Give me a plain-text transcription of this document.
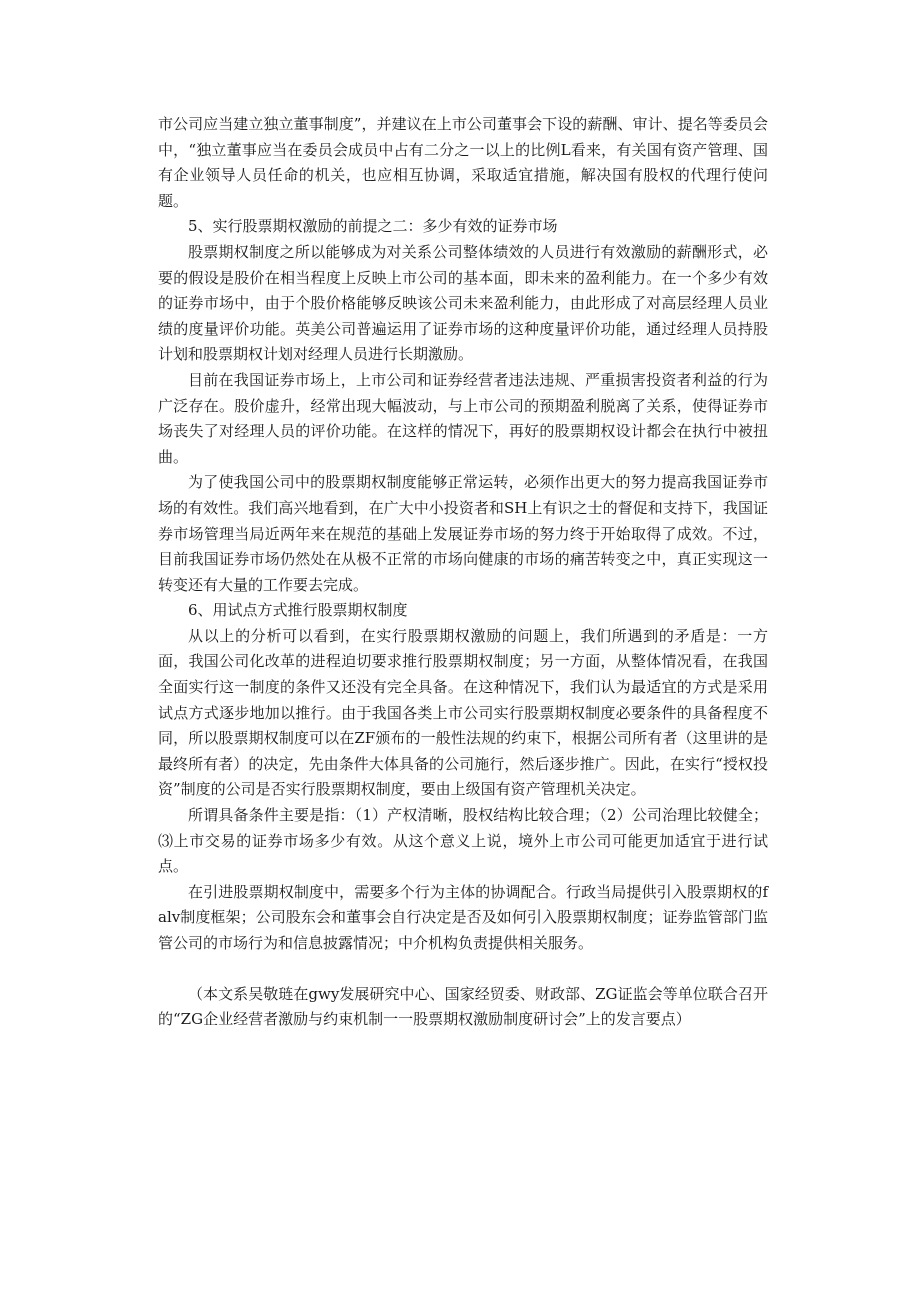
市公司应当建立独立董事制度”，并建议在上市公司董事会下设的薪酬、审计、提名等委员会中，“独立董事应当在委员会成员中占有二分之一以上的比例L看来，有关国有资产管理、国有企业领导人员任命的机关，也应相互协调，采取适宜措施，解决国有股权的代理行使问题。

5、实行股票期权激励的前提之二：多少有效的证券市场

股票期权制度之所以能够成为对关系公司整体绩效的人员进行有效激励的薪酬形式，必要的假设是股价在相当程度上反映上市公司的基本面，即未来的盈利能力。在一个多少有效的证券市场中，由于个股价格能够反映该公司未来盈利能力，由此形成了对高层经理人员业绩的度量评价功能。英美公司普遍运用了证券市场的这种度量评价功能，通过经理人员持股计划和股票期权计划对经理人员进行长期激励。

目前在我国证券市场上，上市公司和证券经营者违法违规、严重损害投资者利益的行为广泛存在。股价虚升，经常出现大幅波动，与上市公司的预期盈利脱离了关系，使得证券市场丧失了对经理人员的评价功能。在这样的情况下，再好的股票期权设计都会在执行中被扭曲。

为了使我国公司中的股票期权制度能够正常运转，必须作出更大的努力提高我国证券市场的有效性。我们高兴地看到，在广大中小投资者和SH上有识之士的督促和支持下，我国证券市场管理当局近两年来在规范的基础上发展证券市场的努力终于开始取得了成效。不过，目前我国证券市场仍然处在从极不正常的市场向健康的市场的痛苦转变之中，真正实现这一转变还有大量的工作要去完成。

6、用试点方式推行股票期权制度

从以上的分析可以看到，在实行股票期权激励的问题上，我们所遇到的矛盾是：一方面，我国公司化改革的进程迫切要求推行股票期权制度；另一方面，从整体情况看，在我国全面实行这一制度的条件又还没有完全具备。在这种情况下，我们认为最适宜的方式是采用试点方式逐步地加以推行。由于我国各类上市公司实行股票期权制度必要条件的具备程度不同，所以股票期权制度可以在ZF颁布的一般性法规的约束下，根据公司所有者（这里讲的是最终所有者）的决定，先由条件大体具备的公司施行，然后逐步推广。因此，在实行“授权投资”制度的公司是否实行股票期权制度，要由上级国有资产管理机关决定。

所谓具备条件主要是指：（1）产权清晰，股权结构比较合理；（2）公司治理比较健全；⑶上市交易的证券市场多少有效。从这个意义上说，境外上市公司可能更加适宜于进行试点。

在引进股票期权制度中，需要多个行为主体的协调配合。行政当局提供引入股票期权的falv制度框架；公司股东会和董事会自行决定是否及如何引入股票期权制度；证券监管部门监管公司的市场行为和信息披露情况；中介机构负责提供相关服务。

（本文系吴敬琏在gwy发展研究中心、国家经贸委、财政部、ZG证监会等单位联合召开的“ZG企业经营者激励与约束机制一一股票期权激励制度研讨会”上的发言要点）
